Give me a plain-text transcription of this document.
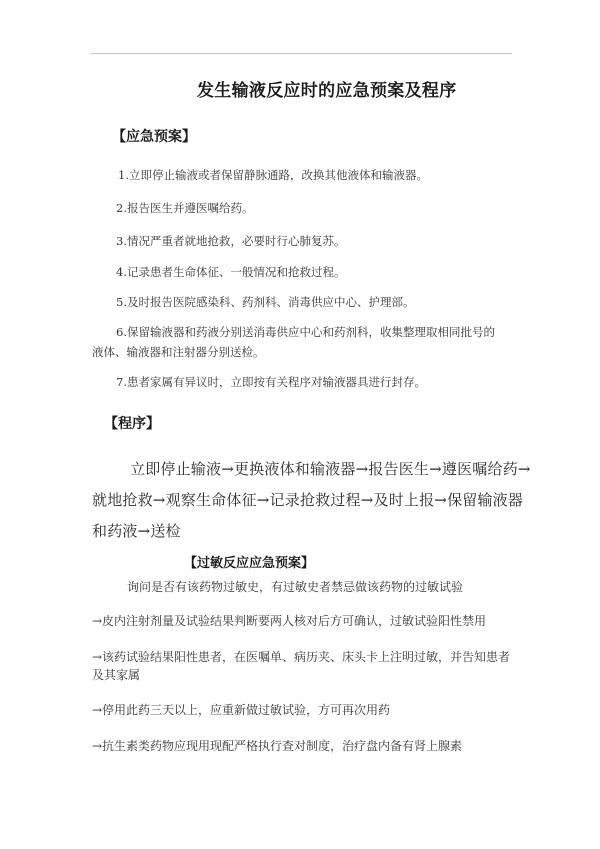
发生输液反应时的应急预案及程序
【应急预案】
1.立即停止输液或者保留静脉通路，改换其他液体和输液器。
2.报告医生并遵医嘱给药。
3.情况严重者就地抢救，必要时行心肺复苏。
4.记录患者生命体征、一般情况和抢救过程。
5.及时报告医院感染科、药剂科、消毒供应中心、护理部。
6.保留输液器和药液分别送消毒供应中心和药剂科，收集整理取相同批号的
液体、输液器和注射器分别送检。
7.患者家属有异议时，立即按有关程序对输液器具进行封存。
【程序】
立即停止输液→更换液体和输液器→报告医生→遵医嘱给药→
就地抢救→观察生命体征→记录抢救过程→及时上报→保留输液器
和药液→送检
【过敏反应应急预案】
询问是否有该药物过敏史，有过敏史者禁忌做该药物的过敏试验
→皮内注射剂量及试验结果判断要两人核对后方可确认，过敏试验阳性禁用
→该药试验结果阳性患者，在医嘱单、病历夹、床头卡上注明过敏，并告知患者
及其家属
→停用此药三天以上，应重新做过敏试验，方可再次用药
→抗生素类药物应现用现配严格执行查对制度，治疗盘内备有肾上腺素
